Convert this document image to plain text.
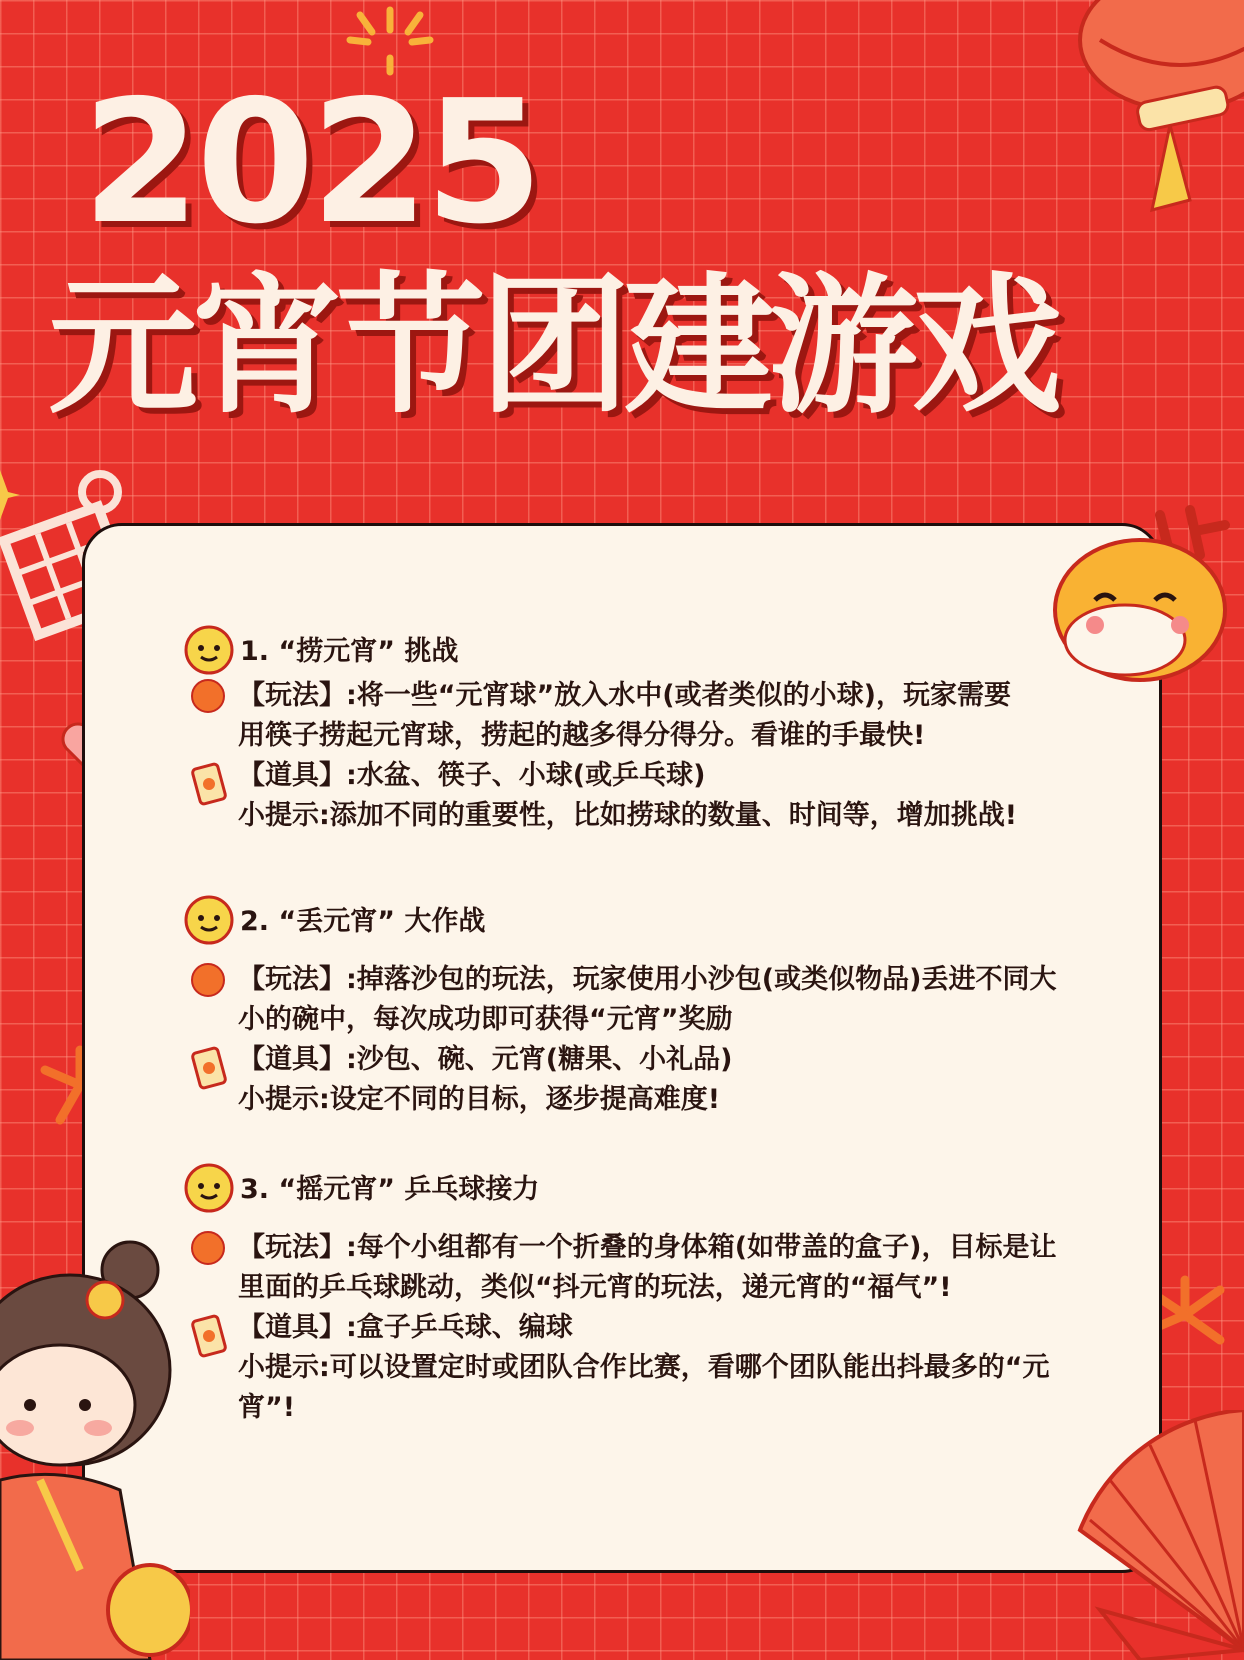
2025
元宵节团建游戏
1. “捞元宵” 挑战
【玩法】:将一些“元宵球”放入水中(或者类似的小球)，玩家需要
用筷子捞起元宵球，捞起的越多得分得分。看谁的手最快!
【道具】:水盆、筷子、小球(或乒乓球)
小提示:添加不同的重要性，比如捞球的数量、时间等，增加挑战!
2. “丢元宵” 大作战
【玩法】:掉落沙包的玩法，玩家使用小沙包(或类似物品)丢进不同大
小的碗中，每次成功即可获得“元宵”奖励
【道具】:沙包、碗、元宵(糖果、小礼品)
小提示:设定不同的目标，逐步提高难度!
3. “摇元宵” 乒乓球接力
【玩法】:每个小组都有一个折叠的身体箱(如带盖的盒子)，目标是让
里面的乒乓球跳动，类似“抖元宵的玩法，递元宵的“福气”!
【道具】:盒子乒乓球、编球
小提示:可以设置定时或团队合作比赛，看哪个团队能出抖最多的“元
宵”!
